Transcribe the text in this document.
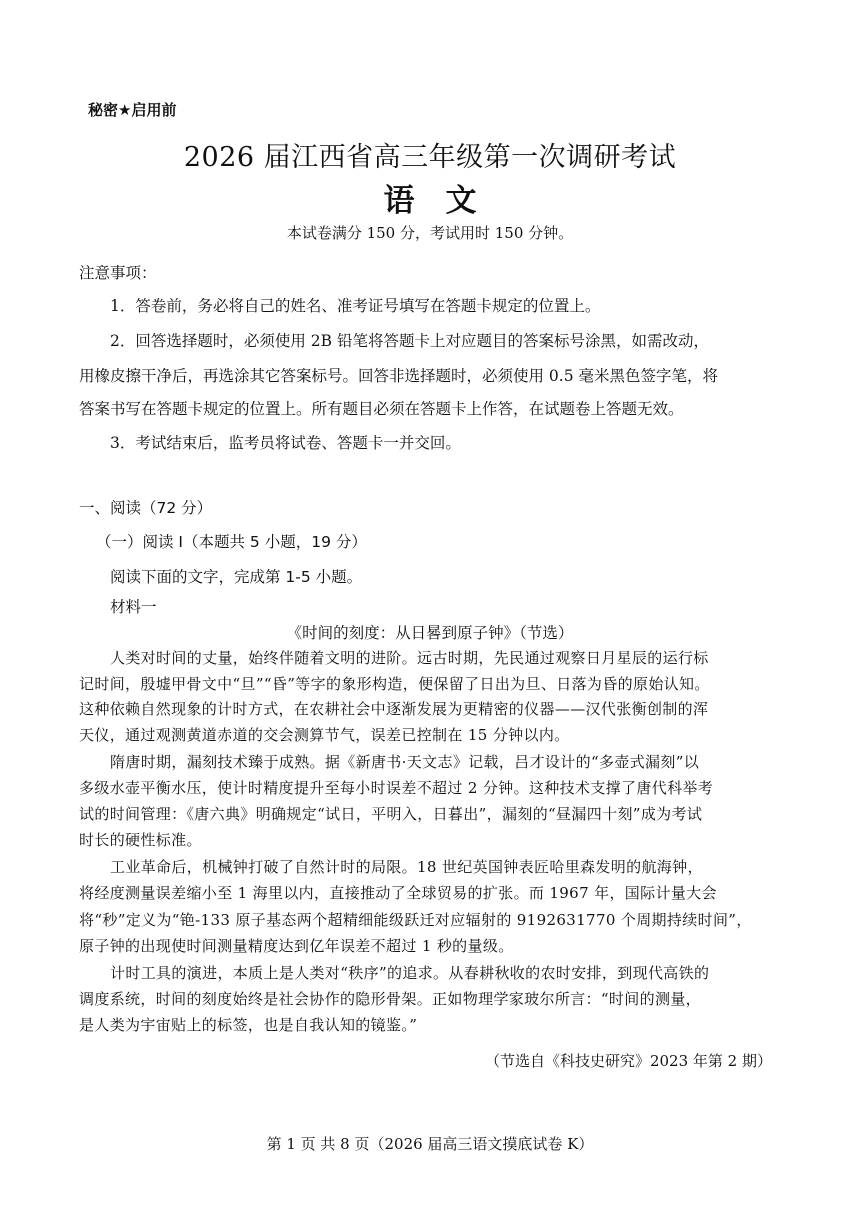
秘密★启用前
2026 届江西省高三年级第一次调研考试
语　文
本试卷满分 150 分，考试用时 150 分钟。
注意事项：
1．答卷前，务必将自己的姓名、准考证号填写在答题卡规定的位置上。
2．回答选择题时，必须使用 2B 铅笔将答题卡上对应题目的答案标号涂黑，如需改动，
用橡皮擦干净后，再选涂其它答案标号。回答非选择题时，必须使用 0.5 毫米黑色签字笔，将
答案书写在答题卡规定的位置上。所有题目必须在答题卡上作答，在试题卷上答题无效。
3．考试结束后，监考员将试卷、答题卡一并交回。
一、阅读（72 分）
（一）阅读 I（本题共 5 小题，19 分）
阅读下面的文字，完成第 1-5 小题。
材料一
《时间的刻度：从日晷到原子钟》（节选）
人类对时间的丈量，始终伴随着文明的进阶。远古时期，先民通过观察日月星辰的运行标
记时间，殷墟甲骨文中“旦”“昏”等字的象形构造，便保留了日出为旦、日落为昏的原始认知。
这种依赖自然现象的计时方式，在农耕社会中逐渐发展为更精密的仪器——汉代张衡创制的浑
天仪，通过观测黄道赤道的交会测算节气，误差已控制在 15 分钟以内。
隋唐时期，漏刻技术臻于成熟。据《新唐书·天文志》记载，吕才设计的“多壶式漏刻”以
多级水壶平衡水压，使计时精度提升至每小时误差不超过 2 分钟。这种技术支撑了唐代科举考
试的时间管理：《唐六典》明确规定“试日，平明入，日暮出”，漏刻的“昼漏四十刻”成为考试
时长的硬性标准。
工业革命后，机械钟打破了自然计时的局限。18 世纪英国钟表匠哈里森发明的航海钟，
将经度测量误差缩小至 1 海里以内，直接推动了全球贸易的扩张。而 1967 年，国际计量大会
将“秒”定义为“铯-133 原子基态两个超精细能级跃迁对应辐射的 9192631770 个周期持续时间”，
原子钟的出现使时间测量精度达到亿年误差不超过 1 秒的量级。
计时工具的演进，本质上是人类对“秩序”的追求。从春耕秋收的农时安排，到现代高铁的
调度系统，时间的刻度始终是社会协作的隐形骨架。正如物理学家玻尔所言：“时间的测量，
是人类为宇宙贴上的标签，也是自我认知的镜鉴。”
（节选自《科技史研究》2023 年第 2 期）
第 1 页 共 8 页（2026 届高三语文摸底试卷 K）
